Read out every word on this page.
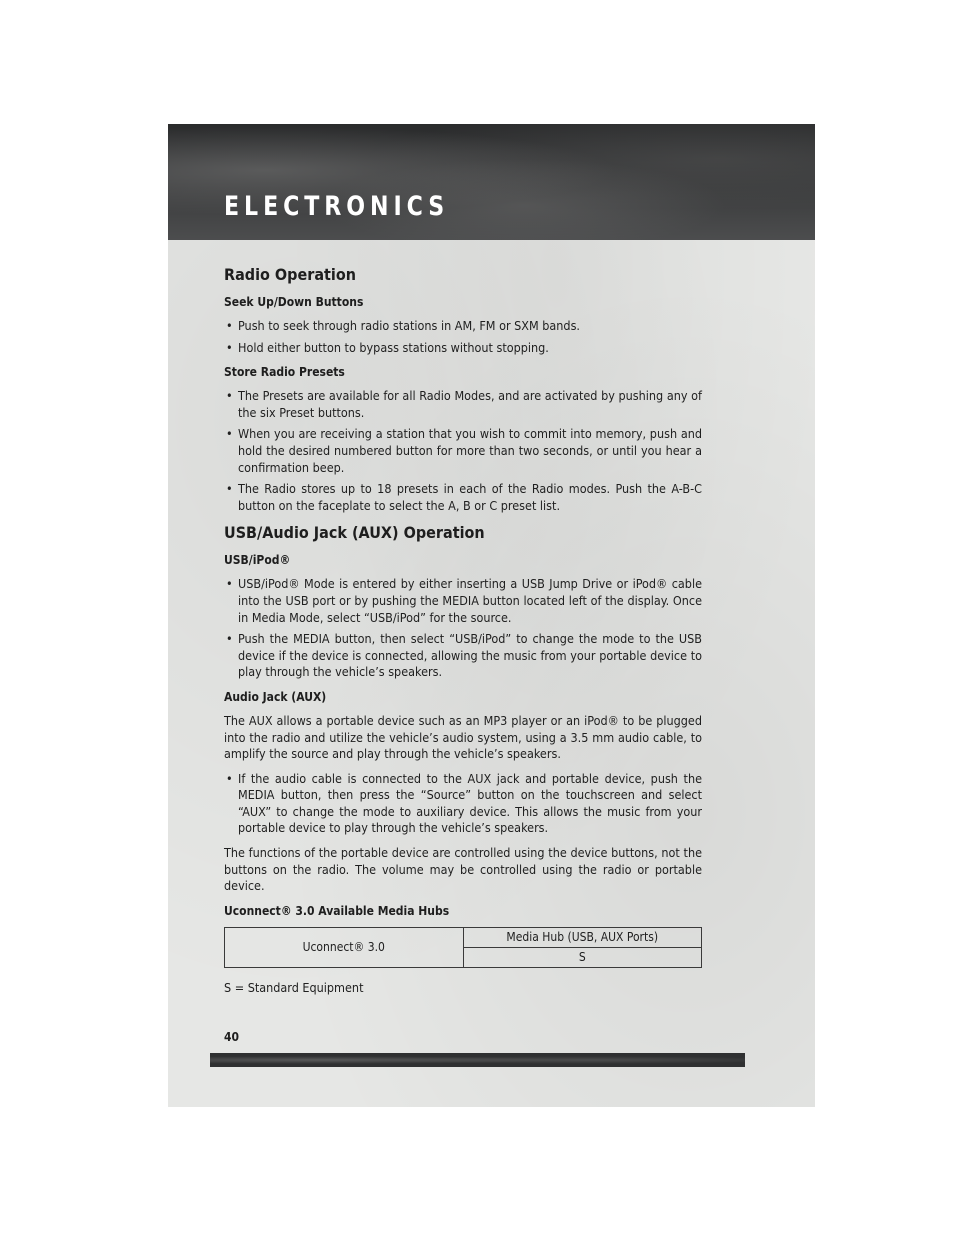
ELECTRONICS
Radio Operation
Seek Up/Down Buttons
• Push to seek through radio stations in AM, FM or SXM bands.
• Hold either button to bypass stations without stopping.
Store Radio Presets
• The Presets are available for all Radio Modes, and are activated by pushing any of the six Preset buttons.
• When you are receiving a station that you wish to commit into memory, push and hold the desired numbered button for more than two seconds, or until you hear a confirmation beep.
• The Radio stores up to 18 presets in each of the Radio modes. Push the A-B-C button on the faceplate to select the A, B or C preset list.
USB/Audio Jack (AUX) Operation
USB/iPod®
• USB/iPod® Mode is entered by either inserting a USB Jump Drive or iPod® cable into the USB port or by pushing the MEDIA button located left of the display. Once in Media Mode, select “USB/iPod” for the source.
• Push the MEDIA button, then select “USB/iPod” to change the mode to the USB device if the device is connected, allowing the music from your portable device to play through the vehicle’s speakers.
Audio Jack (AUX)

The AUX allows a portable device such as an MP3 player or an iPod® to be plugged into the radio and utilize the vehicle’s audio system, using a 3.5 mm audio cable, to amplify the source and play through the vehicle’s speakers.

• If the audio cable is connected to the AUX jack and portable device, push the MEDIA button, then press the “Source” button on the touchscreen and select “AUX” to change the mode to auxiliary device. This allows the music from your portable device to play through the vehicle’s speakers.

The functions of the portable device are controlled using the device buttons, not the buttons on the radio. The volume may be controlled using the radio or portable device.

Uconnect® 3.0 Available Media Hubs
Uconnect® 3.0	Media Hub (USB, AUX Ports)
S

S = Standard Equipment

40
